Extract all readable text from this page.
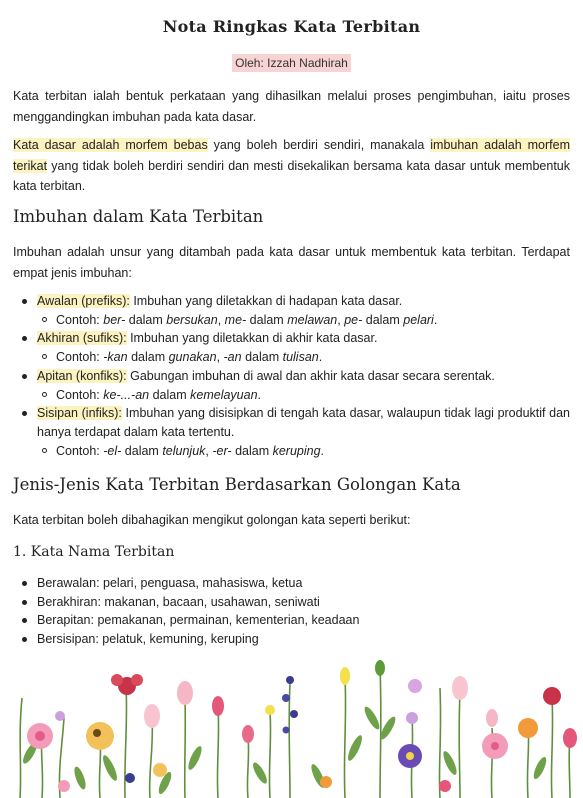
Nota Ringkas Kata Terbitan
Oleh: Izzah Nadhirah

Kata terbitan ialah bentuk perkataan yang dihasilkan melalui proses pengimbuhan, iaitu proses menggandingkan imbuhan pada kata dasar.

Kata dasar adalah morfem bebas yang boleh berdiri sendiri, manakala imbuhan adalah morfem terikat yang tidak boleh berdiri sendiri dan mesti disekalikan bersama kata dasar untuk membentuk kata terbitan.

Imbuhan dalam Kata Terbitan

Imbuhan adalah unsur yang ditambah pada kata dasar untuk membentuk kata terbitan. Terdapat empat jenis imbuhan:

Awalan (prefiks): Imbuhan yang diletakkan di hadapan kata dasar.
Contoh: ber- dalam bersukan, me- dalam melawan, pe- dalam pelari.
Akhiran (sufiks): Imbuhan yang diletakkan di akhir kata dasar.
Contoh: -kan dalam gunakan, -an dalam tulisan.
Apitan (konfiks): Gabungan imbuhan di awal dan akhir kata dasar secara serentak.
Contoh: ke-...-an dalam kemelayuan.
Sisipan (infiks): Imbuhan yang disisipkan di tengah kata dasar, walaupun tidak lagi produktif dan hanya terdapat dalam kata tertentu.
Contoh: -el- dalam telunjuk, -er- dalam keruping.
Jenis-Jenis Kata Terbitan Berdasarkan Golongan Kata

Kata terbitan boleh dibahagikan mengikut golongan kata seperti berikut:

1. Kata Nama Terbitan
Berawalan: pelari, penguasa, mahasiswa, ketua
Berakhiran: makanan, bacaan, usahawan, seniwati
Berapitan: pemakanan, permainan, kementerian, keadaan
Bersisipan: pelatuk, kemuning, keruping
